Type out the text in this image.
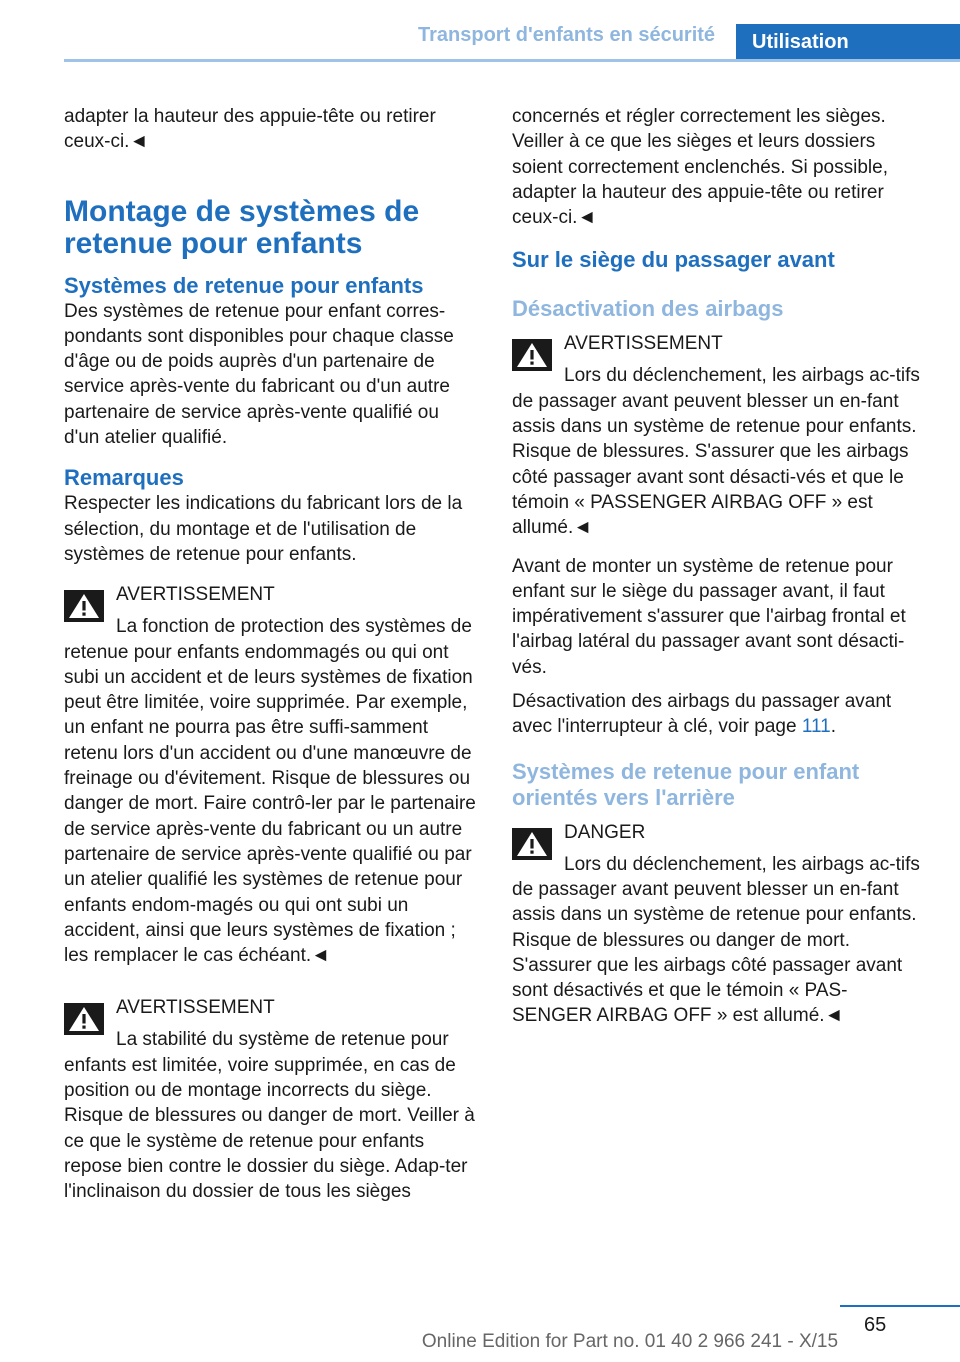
Transport d'enfants en sécurité Utilisation

adapter la hauteur des appuie-tête ou retirer ceux-ci.◄

Montage de systèmes de retenue pour enfants
Systèmes de retenue pour enfants

Des systèmes de retenue pour enfant corres-pondants sont disponibles pour chaque classe d'âge ou de poids auprès d'un partenaire de service après-vente du fabricant ou d'un autre partenaire de service après-vente qualifié ou d'un atelier qualifié.

Remarques

Respecter les indications du fabricant lors de la sélection, du montage et de l'utilisation de systèmes de retenue pour enfants.

AVERTISSEMENT

La fonction de protection des systèmes de retenue pour enfants endommagés ou qui ont subi un accident et de leurs systèmes de fixation peut être limitée, voire supprimée. Par exemple, un enfant ne pourra pas être suffi-samment retenu lors d'un accident ou d'une manœuvre de freinage ou d'évitement. Risque de blessures ou danger de mort. Faire contrô-ler par le partenaire de service après-vente du fabricant ou un autre partenaire de service après-vente qualifié ou par un atelier qualifié les systèmes de retenue pour enfants endom-magés ou qui ont subi un accident, ainsi que leurs systèmes de fixation ; les remplacer le cas échéant.◄

AVERTISSEMENT

La stabilité du système de retenue pour enfants est limitée, voire supprimée, en cas de position ou de montage incorrects du siège. Risque de blessures ou danger de mort. Veiller à ce que le système de retenue pour enfants repose bien contre le dossier du siège. Adap-ter l'inclinaison du dossier de tous les sièges

concernés et régler correctement les sièges. Veiller à ce que les sièges et leurs dossiers soient correctement enclenchés. Si possible, adapter la hauteur des appuie-tête ou retirer ceux-ci.◄

Sur le siège du passager avant
Désactivation des airbags
AVERTISSEMENT

Lors du déclenchement, les airbags ac-tifs de passager avant peuvent blesser un en-fant assis dans un système de retenue pour enfants. Risque de blessures. S'assurer que les airbags côté passager avant sont désacti-vés et que le témoin « PASSENGER AIRBAG OFF » est allumé.◄

Avant de monter un système de retenue pour enfant sur le siège du passager avant, il faut impérativement s'assurer que l'airbag frontal et l'airbag latéral du passager avant sont désacti-vés.

Désactivation des airbags du passager avant avec l'interrupteur à clé, voir page 111.

Systèmes de retenue pour enfant orientés vers l'arrière
DANGER

Lors du déclenchement, les airbags ac-tifs de passager avant peuvent blesser un en-fant assis dans un système de retenue pour enfants. Risque de blessures ou danger de mort. S'assurer que les airbags côté passager avant sont désactivés et que le témoin « PAS-SENGER AIRBAG OFF » est allumé.◄

65
Online Edition for Part no. 01 40 2 966 241 - X/15
